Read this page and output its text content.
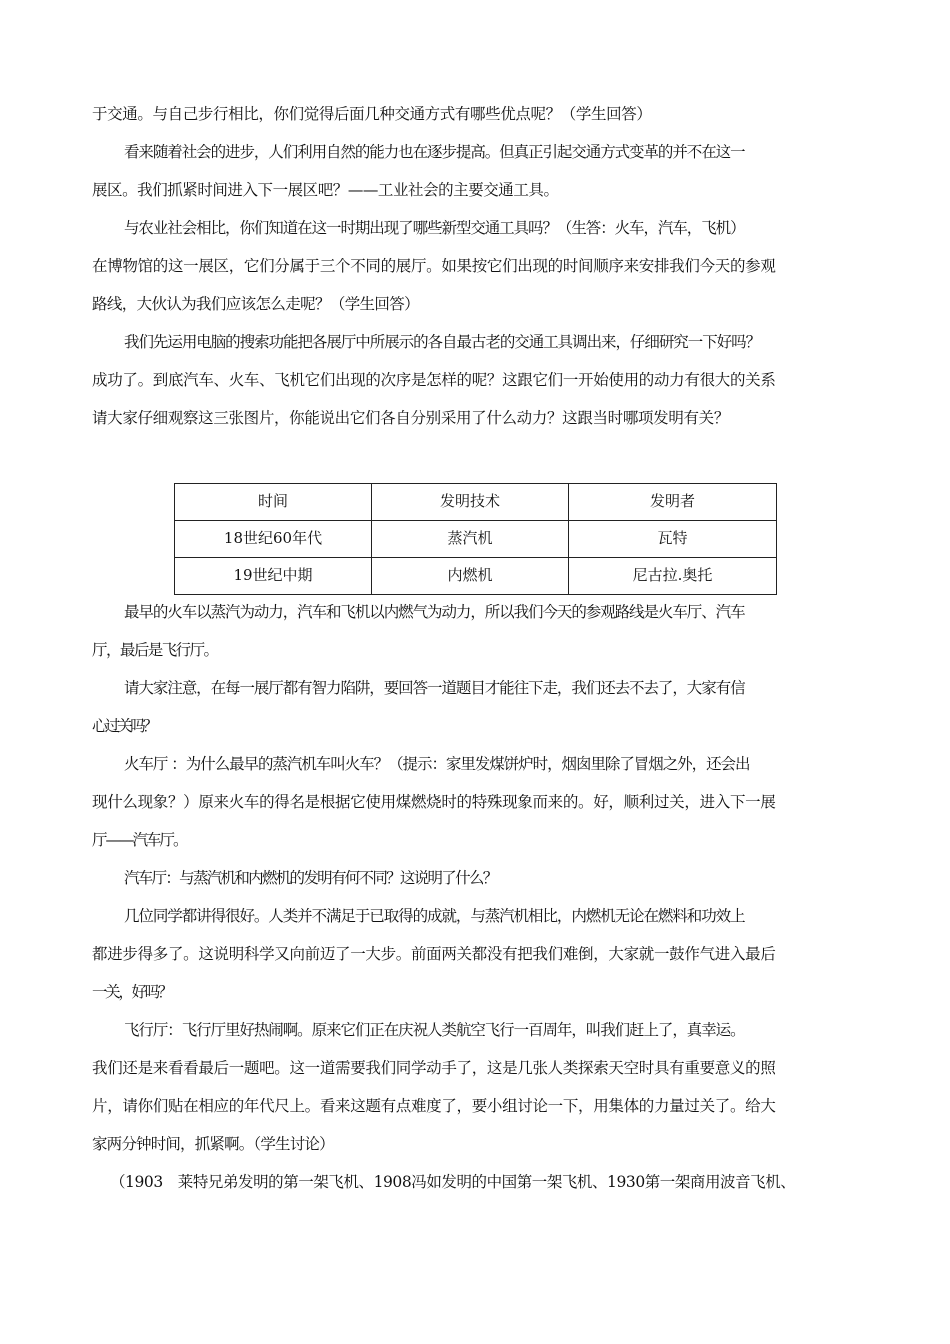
于交通。与自己步行相比，你们觉得后面几种交通方式有哪些优点呢？（学生回答）

看来随着社会的进步，人们利用自然的能力也在逐步提高。但真正引起交通方式变革的并不在这一

展区。我们抓紧时间进入下一展区吧？——工业社会的主要交通工具。

与农业社会相比，你们知道在这一时期出现了哪些新型交通工具吗？（生答：火车，汽车，飞机）

在博物馆的这一展区，它们分属于三个不同的展厅。如果按它们出现的时间顺序来安排我们今天的参观

路线，大伙认为我们应该怎么走呢？（学生回答）

我们先运用电脑的搜索功能把各展厅中所展示的各自最古老的交通工具调出来，仔细研究一下好吗？

成功了。到底汽车、火车、飞机它们出现的次序是怎样的呢？这跟它们一开始使用的动力有很大的关系

请大家仔细观察这三张图片，你能说出它们各自分别采用了什么动力？这跟当时哪项发明有关？

时间	发明技术	发明者
18世纪60年代	蒸汽机	瓦特
19世纪中期	内燃机	尼古拉.奥托

最早的火车以蒸汽为动力，汽车和飞机以内燃气为动力，所以我们今天的参观路线是火车厅、汽车

厅，最后是飞行厅。

请大家注意，在每一展厅都有智力陷阱，要回答一道题目才能往下走，我们还去不去了，大家有信

心过关吗？

火车厅 ：为什么最早的蒸汽机车叫火车？（提示：家里发煤饼炉时，烟囱里除了冒烟之外，还会出

现什么现象？）原来火车的得名是根据它使用煤燃烧时的特殊现象而来的。好，顺利过关，进入下一展

厅——汽车厅。

汽车厅：与蒸汽机和内燃机的发明有何不同？这说明了什么？

几位同学都讲得很好。人类并不满足于已取得的成就，与蒸汽机相比，内燃机无论在燃料和功效上

都进步得多了。这说明科学又向前迈了一大步。前面两关都没有把我们难倒，大家就一鼓作气进入最后

一关，好吗？

飞行厅：飞行厅里好热闹啊。原来它们正在庆祝人类航空飞行一百周年，叫我们赶上了，真幸运。

我们还是来看看最后一题吧。这一道需要我们同学动手了，这是几张人类探索天空时具有重要意义的照

片，请你们贴在相应的年代尺上。看来这题有点难度了，要小组讨论一下，用集体的力量过关了。给大

家两分钟时间，抓紧啊。（学生讨论）

（1903　莱特兄弟发明的第一架飞机、1908冯如发明的中国第一架飞机、1930第一架商用波音飞机、
